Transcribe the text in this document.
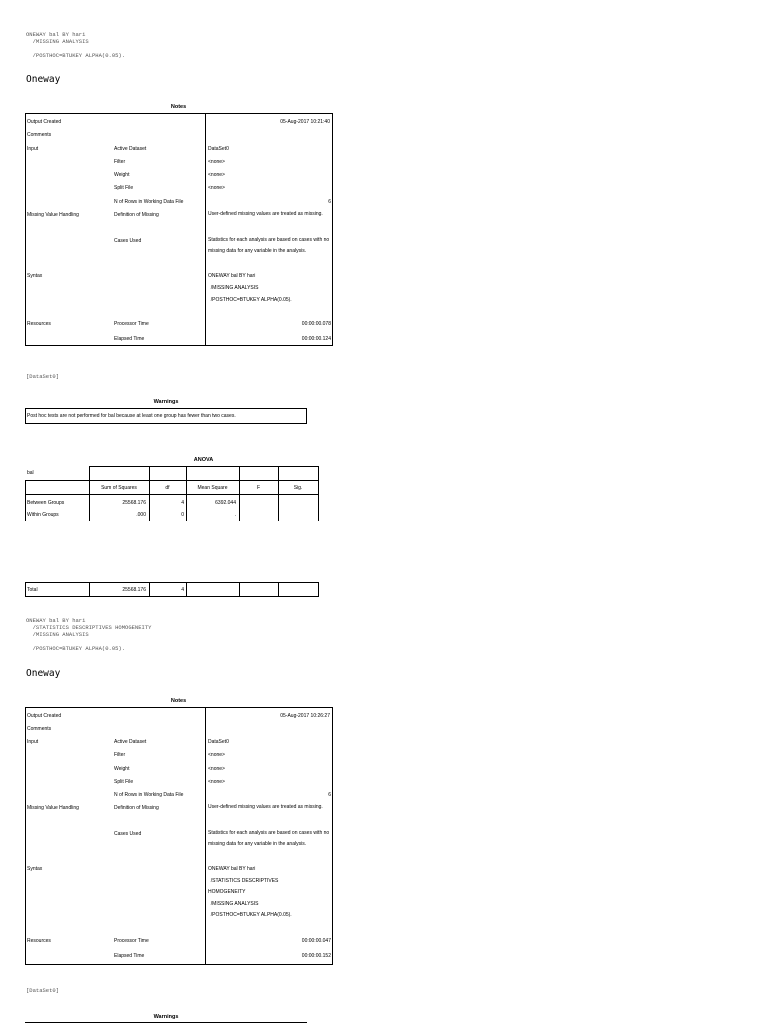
ONEWAY bal BY hari
/MISSING ANALYSIS
/POSTHOC=BTUKEY ALPHA(0.05).
Oneway
Notes
Output Created	05-Aug-2017 10:21:40
Comments
Input	Active Dataset	DataSet0
Filter	<none>
Weight	<none>
Split File	<none>
N of Rows in Working Data File	6
Missing Value Handling	Definition of Missing	User-defined missing values are treated as missing.
Cases Used	Statistics for each analysis are based on cases with no missing data for any variable in the analysis.
Syntax	ONEWAY bal BY hari
/MISSING ANALYSIS
/POSTHOC=BTUKEY ALPHA(0.05).
Resources	Processor Time	00:00:00.078
Elapsed Time	00:00:00.124
[DataSet0]
Warnings
Post hoc tests are not performed for bal because at least one group has fewer than two cases.
ANOVA
bal
Sum of Squares	df	Mean Square	F	Sig.
Between Groups	25568.176	4	6392.044
Within Groups	.000	0	.
Total	25568.176	4
ONEWAY bal BY hari
/STATISTICS DESCRIPTIVES HOMOGENEITY
/MISSING ANALYSIS
/POSTHOC=BTUKEY ALPHA(0.05).
Oneway
Notes
Output Created	05-Aug-2017 10:26:27
Comments
Input	Active Dataset	DataSet0
Filter	<none>
Weight	<none>
Split File	<none>
N of Rows in Working Data File	6
Missing Value Handling	Definition of Missing	User-defined missing values are treated as missing.
Cases Used	Statistics for each analysis are based on cases with no missing data for any variable in the analysis.
Syntax	ONEWAY bal BY hari
/STATISTICS DESCRIPTIVES
HOMOGENEITY
/MISSING ANALYSIS
/POSTHOC=BTUKEY ALPHA(0.05).
Resources	Processor Time	00:00:00.047
Elapsed Time	00:00:00.152
[DataSet0]
Warnings
